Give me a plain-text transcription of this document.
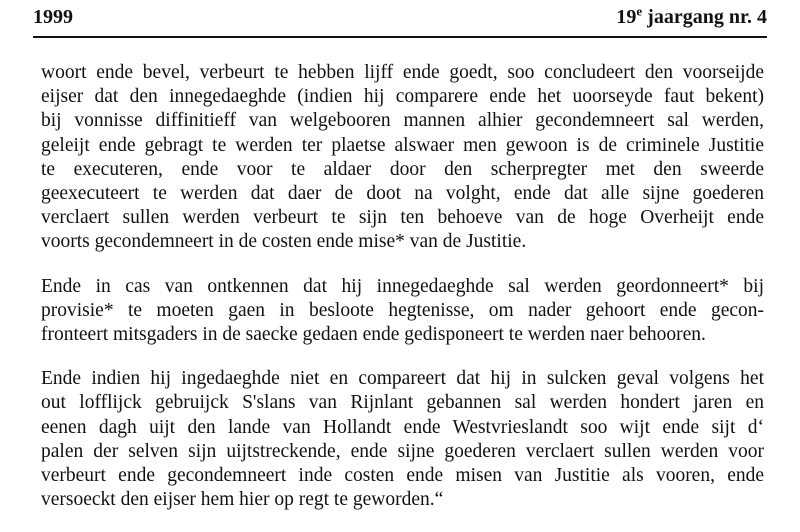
1999	19e jaargang nr. 4
woort ende bevel, verbeurt te hebben lijff ende goedt, soo concludeert den voorseijde
eijser dat den innegedaeghde (indien hij comparere ende het uoorseyde faut bekent)
bij vonnisse diffinitieff van welgebooren mannen alhier gecondemneert sal werden,
geleijt ende gebragt te werden ter plaetse alswaer men gewoon is de criminele Justitie
te executeren, ende voor te aldaer door den scherpregter met den sweerde
geexecuteert te werden dat daer de doot na volght, ende dat alle sijne goederen
verclaert sullen werden verbeurt te sijn ten behoeve van de hoge Overheijt ende
voorts gecondemneert in de costen ende mise* van de Justitie.
Ende in cas van ontkennen dat hij innegedaeghde sal werden geordonneert* bij
provisie* te moeten gaen in besloote hegtenisse, om nader gehoort ende gecon-
fronteert mitsgaders in de saecke gedaen ende gedisponeert te werden naer behooren.
Ende indien hij ingedaeghde niet en compareert dat hij in sulcken geval volgens het
out lofflijck gebruijck S'slans van Rijnlant gebannen sal werden hondert jaren en
eenen dagh uijt den lande van Hollandt ende Westvrieslandt soo wijt ende sijt d‘
palen der selven sijn uijtstreckende, ende sijne goederen verclaert sullen werden voor
verbeurt ende gecondemneert inde costen ende misen van Justitie als vooren, ende
versoeckt den eijser hem hier op regt te geworden.“
